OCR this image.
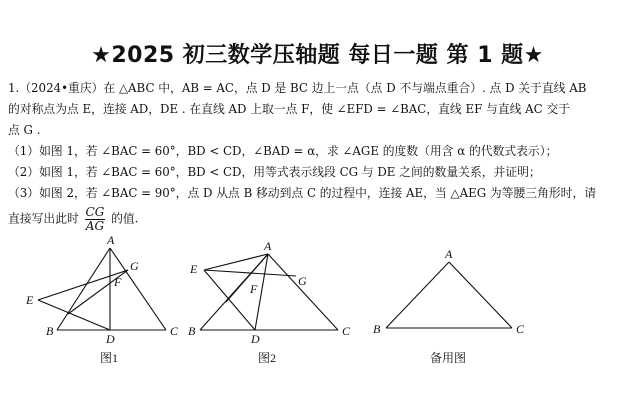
★2025 初三数学压轴题 每日一题 第 1 题★
1.（2024•重庆）在 △ABC 中，AB = AC，点 D 是 BC 边上一点（点 D 不与端点重合）. 点 D 关于直线 AB
的对称点为点 E，连接 AD，DE . 在直线 AD 上取一点 F，使 ∠EFD = ∠BAC，直线 EF 与直线 AC 交于
点 G .
（1）如图 1，若 ∠BAC = 60°，BD < CD，∠BAD = α，求 ∠AGE 的度数（用含 α 的代数式表示）；
（2）如图 1，若 ∠BAC = 60°，BD < CD，用等式表示线段 CG 与 DE 之间的数量关系，并证明；
（3）如图 2，若 ∠BAC = 90°，点 D 从点 B 移动到点 C 的过程中，连接 AE，当 △AEG 为等腰三角形时，请
直接写出此时 $\frac{CG}{AG}$ 的值.
A
B	C
D
E
F
G
A
B	C
D
E
F
G
A
B	C
图1	图2	备用图
